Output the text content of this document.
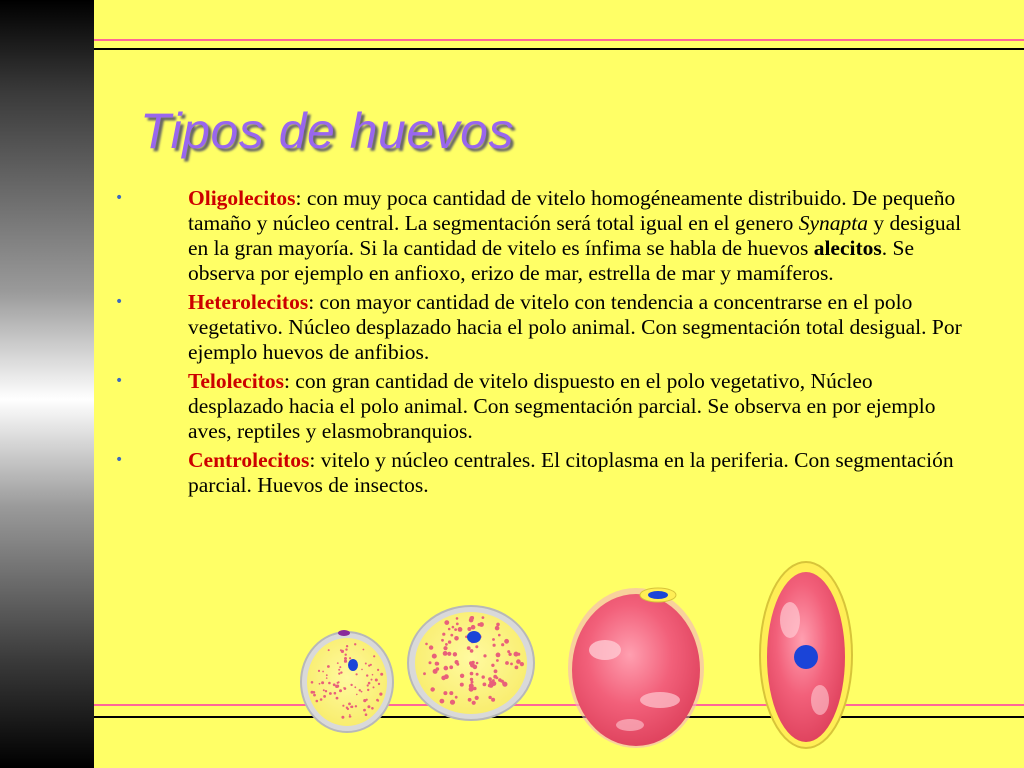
Tipos de huevos
•	Oligolecitos: con muy poca cantidad de vitelo homogéneamente distribuido. De pequeño tamaño y núcleo central. La segmentación será total igual en el genero Synapta y desigual en la gran mayoría. Si la cantidad de vitelo es ínfima se habla de huevos alecitos. Se observa por ejemplo en anfioxo, erizo de mar, estrella de mar y mamíferos.
•	Heterolecitos: con mayor cantidad de vitelo con tendencia a concentrarse en el polo vegetativo. Núcleo desplazado hacia el polo animal. Con segmentación total desigual. Por ejemplo huevos de anfibios.
•	Telolecitos: con gran cantidad de vitelo dispuesto en el polo vegetativo, Núcleo desplazado hacia el polo animal. Con segmentación parcial. Se observa en por ejemplo aves, reptiles y elasmobranquios.
•	Centrolecitos: vitelo y núcleo centrales. El citoplasma en la periferia. Con segmentación parcial. Huevos de insectos.
